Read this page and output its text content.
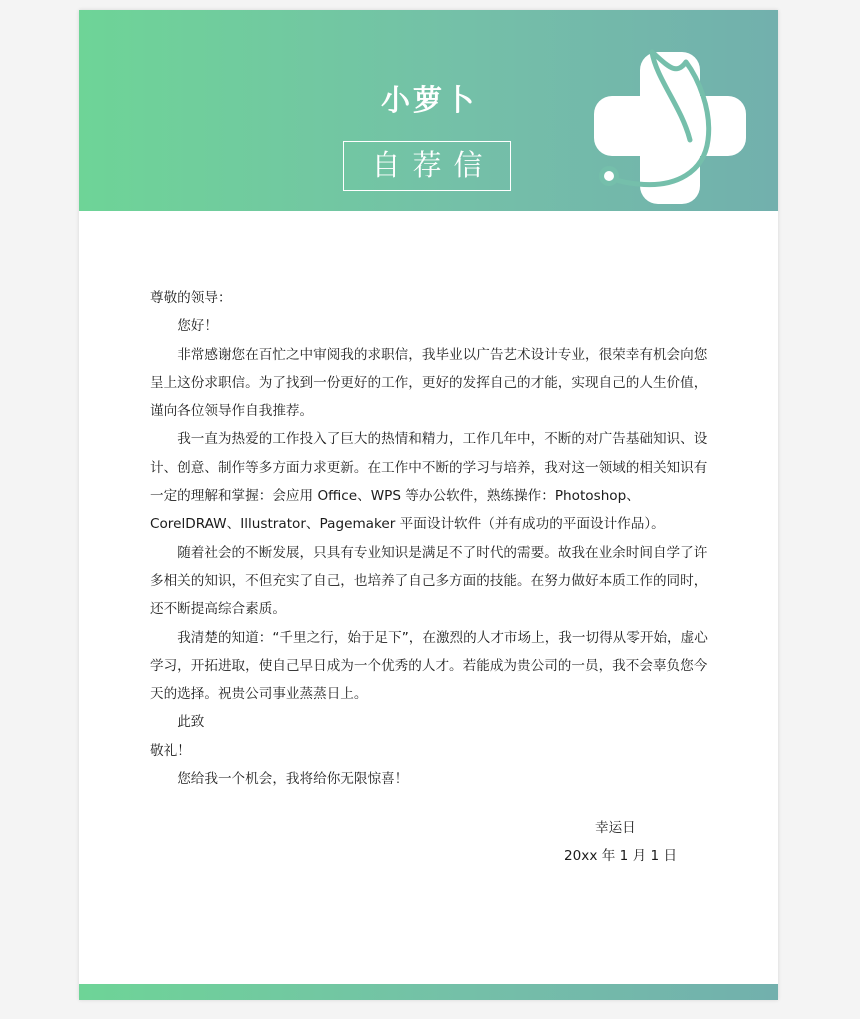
小萝卜
自荐信

尊敬的领导：

您好！

非常感谢您在百忙之中审阅我的求职信，我毕业以广告艺术设计专业，很荣幸有机会向您呈上这份求职信。为了找到一份更好的工作，更好的发挥自己的才能，实现自己的人生价值，谨向各位领导作自我推荐。

我一直为热爱的工作投入了巨大的热情和精力，工作几年中，不断的对广告基础知识、设计、创意、制作等多方面力求更新。在工作中不断的学习与培养，我对这一领域的相关知识有一定的理解和掌握：会应用 Office、WPS 等办公软件，熟练操作：Photoshop、CorelDRAW、Illustrator、Pagemaker 平面设计软件（并有成功的平面设计作品）。

随着社会的不断发展，只具有专业知识是满足不了时代的需要。故我在业余时间自学了许多相关的知识，不但充实了自己，也培养了自己多方面的技能。在努力做好本质工作的同时，还不断提高综合素质。

我清楚的知道：“千里之行，始于足下”，在激烈的人才市场上，我一切得从零开始，虚心学习，开拓进取，使自己早日成为一个优秀的人才。若能成为贵公司的一员，我不会辜负您今天的选择。祝贵公司事业蒸蒸日上。

此致

敬礼！

您给我一个机会，我将给你无限惊喜！

幸运日
20xx 年 1 月 1 日
